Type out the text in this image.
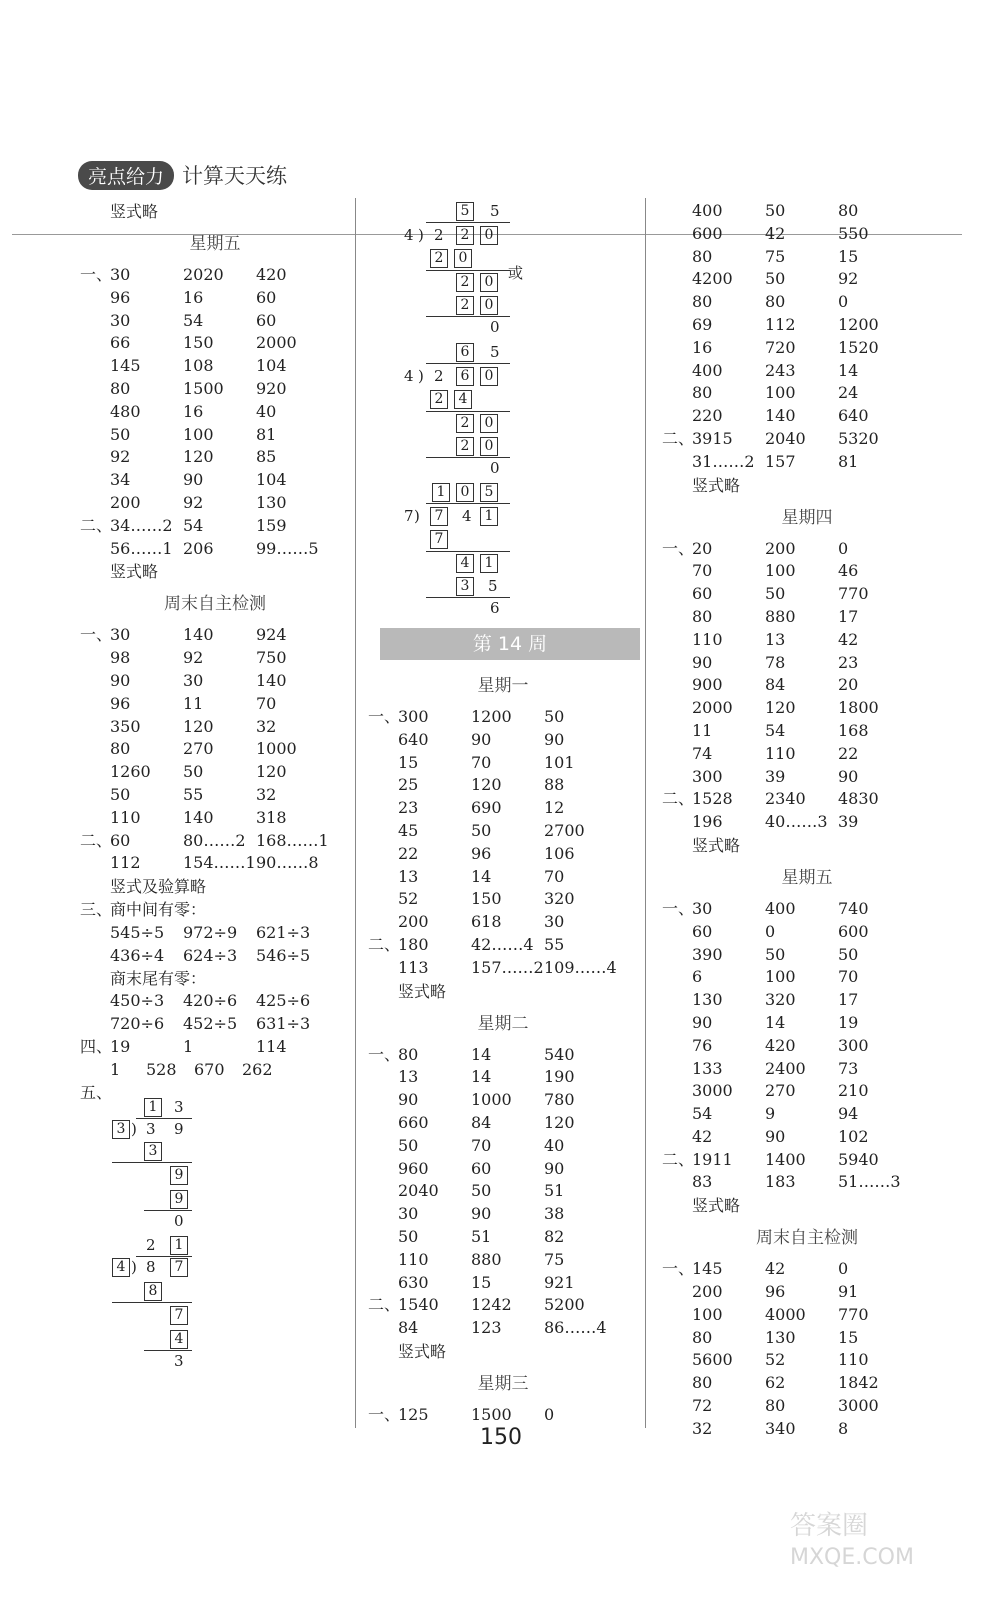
亮点给力 计算天天练
竖式略
星期五
一、
30	2020	420
96	16	60
30	54	60
66	150	2000
145	108	104
80	1500	920
480	16	40
50	100	81
92	120	85
34	90	104
200	92	130
二、
34……2 54	159
56……1 206	99……5
竖式略
周末自主检测
一、
30	140	924
98	92	750
90	30	140
96	11	70
350	120	32
80	270	1000
1260	50	120
50	55	32
110	140	318
二、
60	80……2 168……1
112	154……1 90……8
竖式及验算略
三、
商中间有零：
545÷5	972÷9	621÷3
436÷4	624÷3	546÷5
商末尾有零：
450÷3	420÷6	425÷6
720÷6	452÷5	631÷3
四、
19	1	114
1	528	670	262
五、
1	3
3 ) 3 9
3
9
9
0
2	1
4 ) 8	7
8
7
4
3
5	5
4 ) 2	2	0
2	0
2	0 或
2	0
0
6	5
4 ) 2	6	0
2	4
2	0
2	0
0
1	0	5
7 )	7	4 1
7
4	1
3	5
6
第 14 周
星期一
一、
300	1200	50
640	90	90
15	70	101
25	120	88
23	690	12
45	50	2700
22	96	106
13	14	70
52	150	320
200	618	30
二、
180	42……4 55
113	157……2 109……4
竖式略
星期二
一、
80	14	540
13	14	190
90	1000	780
660	84	120
50	70	40
960	60	90
2040	50	51
30	90	38
50	51	82
110	880	75
630	15	921
二、
1540	1242	5200
84	123	86……4
竖式略
星期三
一、
125	1500	0
400	50	80
600	42	550
80	75	15
4200	50	92
80	80	0
69	112	1200
16	720	1520
400	243	14
80	100	24
220	140	640
二、
3915	2040	5320
31……2 157	81
竖式略
星期四
一、
20	200	0
70	100	46
60	50	770
80	880	17
110	13	42
90	78	23
900	84	20
2000	120	1800
11	54	168
74	110	22
300	39	90
二、
1528	2340	4830
196	40……3 39
竖式略
星期五
一、
30	400	740
60	0	600
390	50	50
6	100	70
130	320	17
90	14	19
76	420	300
133	2400	73
3000	270	210
54	9	94
42	90	102
二、
1911	1400	5940
83	183	51……3
竖式略
周末自主检测
一、
145	42	0
200	96	91
100	4000	770
80	130	15
5600	52	110
80	62	1842
72	80	3000
32	340	8
150
答案圈
MXQE.COM
